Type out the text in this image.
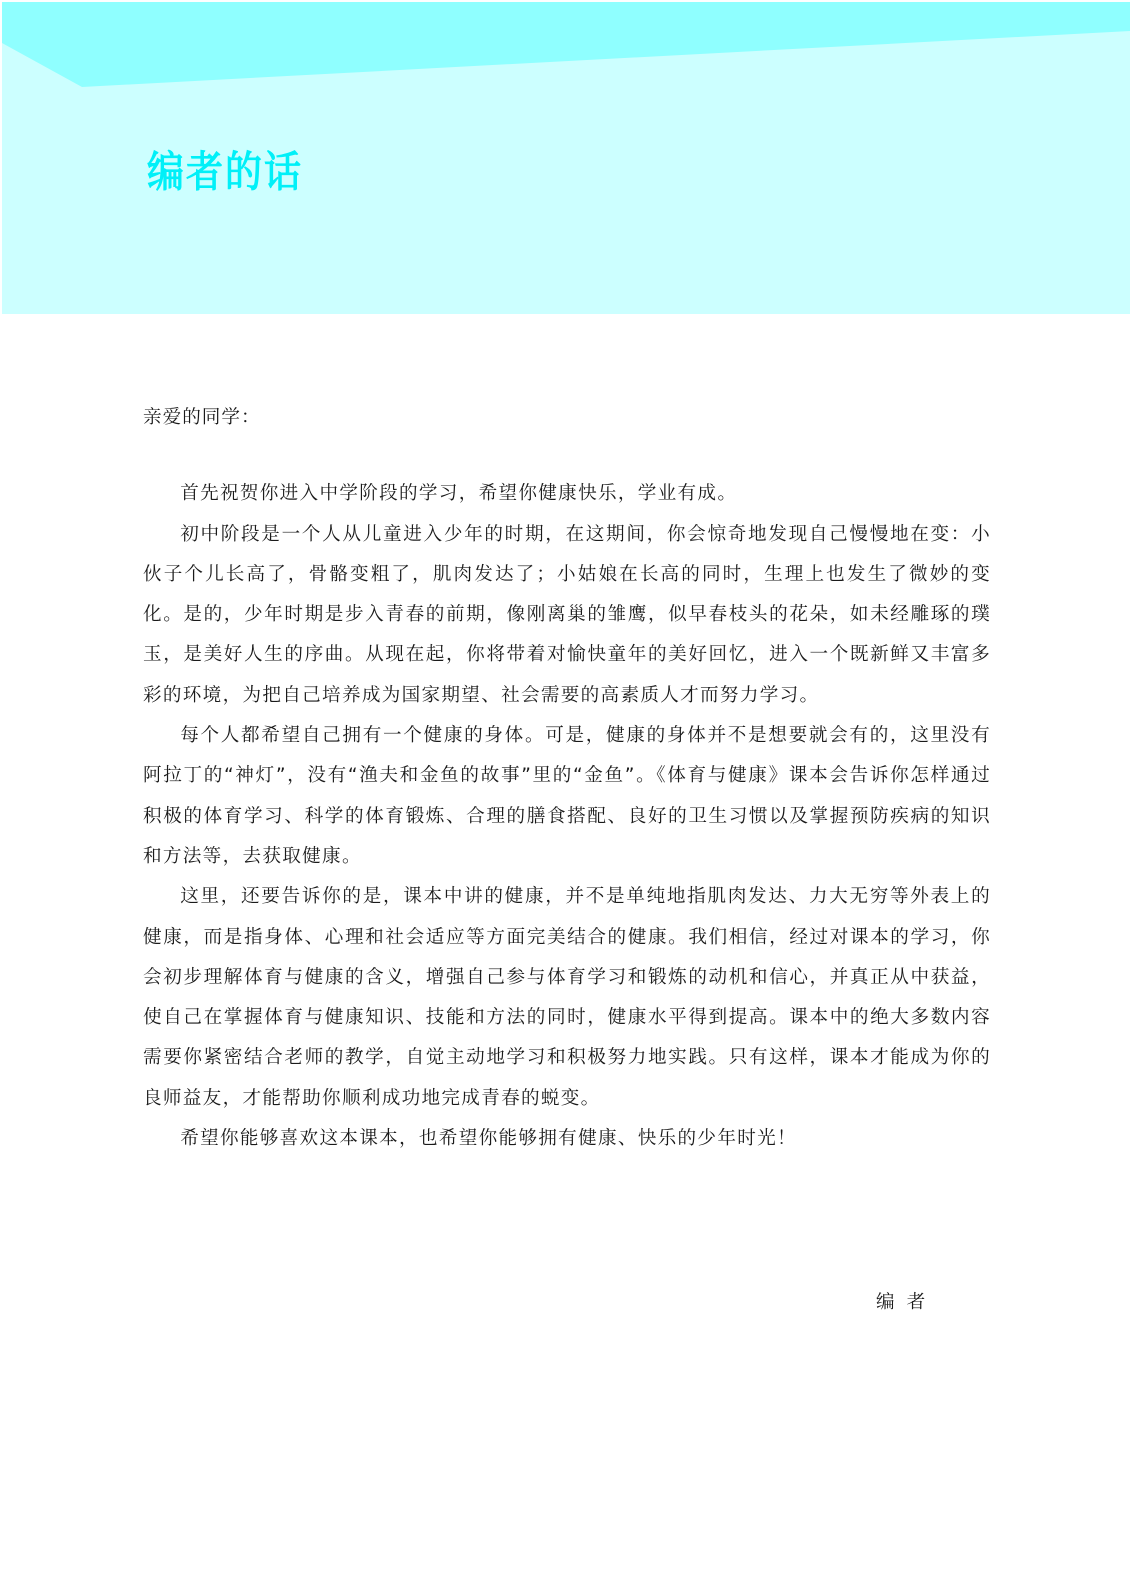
编者的话

亲爱的同学：

首先祝贺你进入中学阶段的学习，希望你健康快乐，学业有成。

初中阶段是一个人从儿童进入少年的时期，在这期间，你会惊奇地发现自己慢慢地在变：小伙子个儿长高了，骨骼变粗了，肌肉发达了；小姑娘在长高的同时，生理上也发生了微妙的变化。是的，少年时期是步入青春的前期，像刚离巢的雏鹰，似早春枝头的花朵，如未经雕琢的璞玉，是美好人生的序曲。从现在起，你将带着对愉快童年的美好回忆，进入一个既新鲜又丰富多彩的环境，为把自己培养成为国家期望、社会需要的高素质人才而努力学习。

每个人都希望自己拥有一个健康的身体。可是，健康的身体并不是想要就会有的，这里没有阿拉丁的“神灯”，没有“渔夫和金鱼的故事”里的“金鱼”。《体育与健康》课本会告诉你怎样通过积极的体育学习、科学的体育锻炼、合理的膳食搭配、良好的卫生习惯以及掌握预防疾病的知识和方法等，去获取健康。

这里，还要告诉你的是，课本中讲的健康，并不是单纯地指肌肉发达、力大无穷等外表上的健康，而是指身体、心理和社会适应等方面完美结合的健康。我们相信，经过对课本的学习，你会初步理解体育与健康的含义，增强自己参与体育学习和锻炼的动机和信心，并真正从中获益，使自己在掌握体育与健康知识、技能和方法的同时，健康水平得到提高。课本中的绝大多数内容需要你紧密结合老师的教学，自觉主动地学习和积极努力地实践。只有这样，课本才能成为你的良师益友，才能帮助你顺利成功地完成青春的蜕变。

希望你能够喜欢这本课本，也希望你能够拥有健康、快乐的少年时光！

编者
